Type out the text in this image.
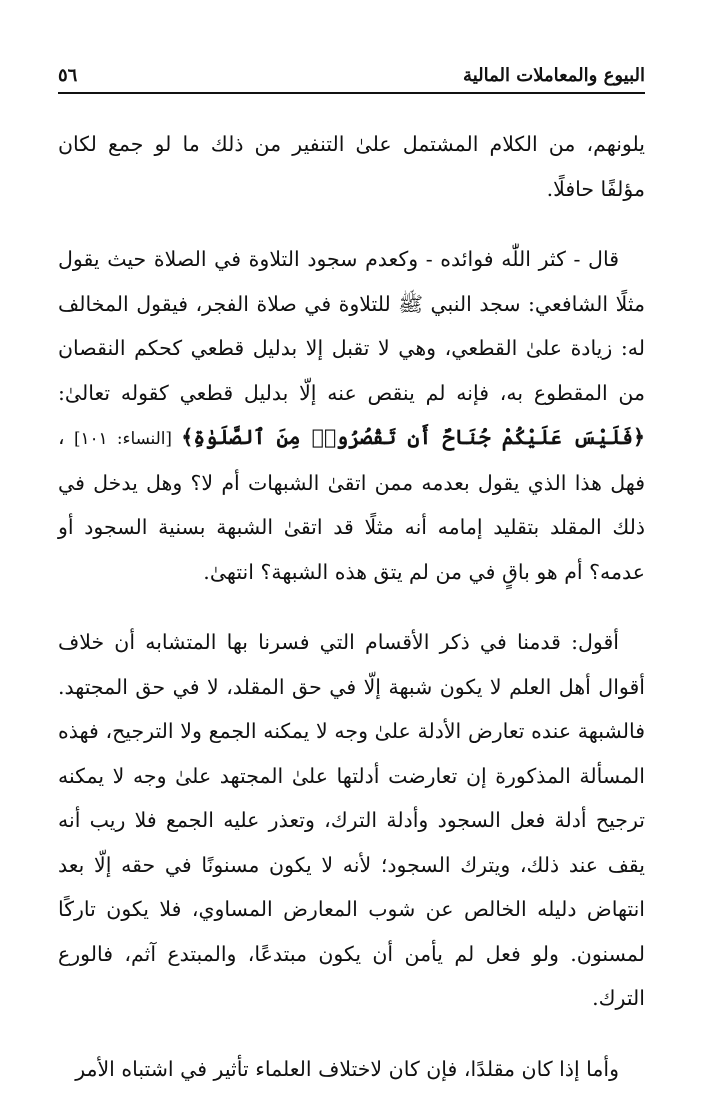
البيوع والمعاملات المالية
٥٦

يلونهم، من الكلام المشتمل علىٰ التنفير من ذلك ما لو جمع لكان مؤلفًا حافلًا.

قال - كثر اللّٰه فوائده - وكعدم سجود التلاوة في الصلاة حيث يقول مثلًا الشافعي: سجد النبي ﷺ للتلاوة في صلاة الفجر، فيقول المخالف له: زيادة علىٰ القطعي، وهي لا تقبل إلا بدليل قطعي كحكم النقصان من المقطوع به، فإنه لم ينقص عنه إلّا بدليل قطعي كقوله تعالىٰ: ﴿فَلَيْسَ عَلَيْكُمْ جُنَاحٌ أَن تَقْصُرُوا۟ مِنَ ٱلصَّلَوٰةِ﴾ [النساء: ١٠١] ، فهل هذا الذي يقول بعدمه ممن اتقىٰ الشبهات أم لا؟ وهل يدخل في ذلك المقلد بتقليد إمامه أنه مثلًا قد اتقىٰ الشبهة بسنية السجود أو عدمه؟ أم هو باقٍ في من لم يتق هذه الشبهة؟ انتهىٰ.

أقول: قدمنا في ذكر الأقسام التي فسرنا بها المتشابه أن خلاف أقوال أهل العلم لا يكون شبهة إلّا في حق المقلد، لا في حق المجتهد. فالشبهة عنده تعارض الأدلة علىٰ وجه لا يمكنه الجمع ولا الترجيح، فهذه المسألة المذكورة إن تعارضت أدلتها علىٰ المجتهد علىٰ وجه لا يمكنه ترجيح أدلة فعل السجود وأدلة الترك، وتعذر عليه الجمع فلا ريب أنه يقف عند ذلك، ويترك السجود؛ لأنه لا يكون مسنونًا في حقه إلّا بعد انتهاض دليله الخالص عن شوب المعارض المساوي، فلا يكون تاركًا لمسنون. ولو فعل لم يأمن أن يكون مبتدعًا، والمبتدع آثم، فالورع الترك.

وأما إذا كان مقلدًا، فإن كان لاختلاف العلماء تأثير في اشتباه الأمر
